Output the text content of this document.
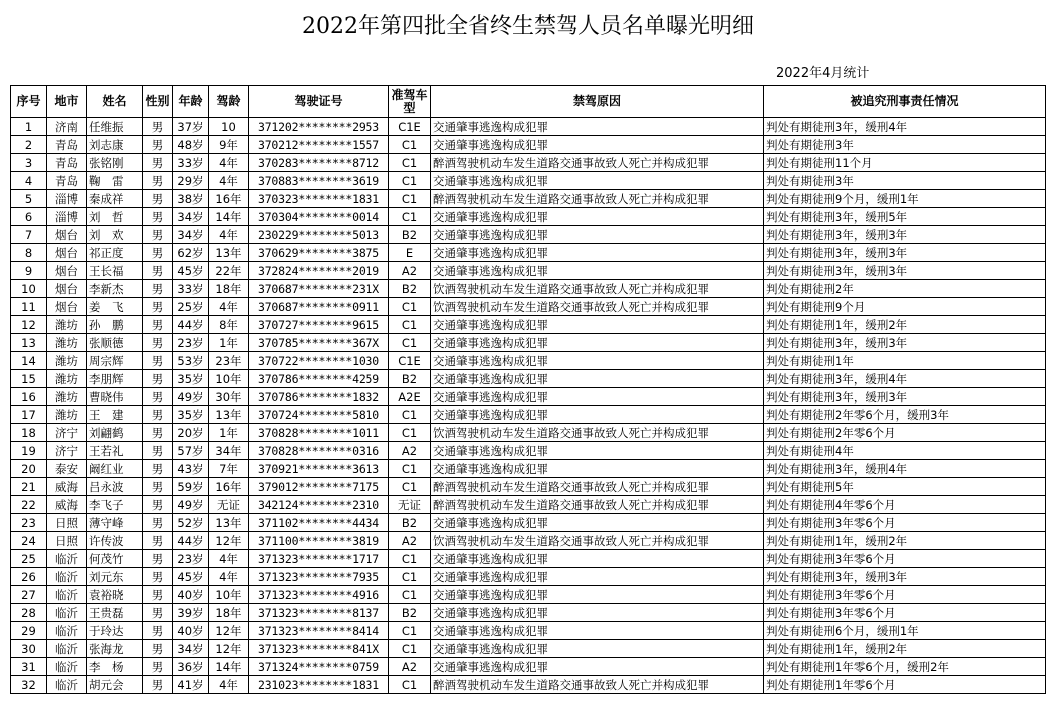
2022年第四批全省终生禁驾人员名单曝光明细
2022年4月统计
序号	地市	姓名	性别	年龄	驾龄	驾驶证号	准驾车型	禁驾原因	被追究刑事责任情况
1	济南	任维振	男	37岁	10	371202********2953	C1E	交通肇事逃逸构成犯罪	判处有期徒刑3年，缓刑4年
2	青岛	刘志康	男	48岁	9年	370212********1557	C1	交通肇事逃逸构成犯罪	判处有期徒刑3年
3	青岛	张铭刚	男	33岁	4年	370283********8712	C1	醉酒驾驶机动车发生道路交通事故致人死亡并构成犯罪	判处有期徒刑11个月
4	青岛	鞠　雷	男	29岁	4年	370883********3619	C1	交通肇事逃逸构成犯罪	判处有期徒刑3年
5	淄博	秦成祥	男	38岁	16年	370323********1831	C1	醉酒驾驶机动车发生道路交通事故致人死亡并构成犯罪	判处有期徒刑9个月，缓刑1年
6	淄博	刘　哲	男	34岁	14年	370304********0014	C1	交通肇事逃逸构成犯罪	判处有期徒刑3年，缓刑5年
7	烟台	刘　欢	男	34岁	4年	230229********5013	B2	交通肇事逃逸构成犯罪	判处有期徒刑3年，缓刑3年
8	烟台	祁正度	男	62岁	13年	370629********3875	E	交通肇事逃逸构成犯罪	判处有期徒刑3年，缓刑3年
9	烟台	王长福	男	45岁	22年	372824********2019	A2	交通肇事逃逸构成犯罪	判处有期徒刑3年，缓刑3年
10	烟台	李新杰	男	33岁	18年	370687********231X	B2	饮酒驾驶机动车发生道路交通事故致人死亡并构成犯罪	判处有期徒刑2年
11	烟台	姜　飞	男	25岁	4年	370687********0911	C1	饮酒驾驶机动车发生道路交通事故致人死亡并构成犯罪	判处有期徒刑9个月
12	潍坊	孙　鹏	男	44岁	8年	370727********9615	C1	交通肇事逃逸构成犯罪	判处有期徒刑1年，缓刑2年
13	潍坊	张顺德	男	23岁	1年	370785********367X	C1	交通肇事逃逸构成犯罪	判处有期徒刑3年，缓刑3年
14	潍坊	周宗辉	男	53岁	23年	370722********1030	C1E	交通肇事逃逸构成犯罪	判处有期徒刑1年
15	潍坊	李朋辉	男	35岁	10年	370786********4259	B2	交通肇事逃逸构成犯罪	判处有期徒刑3年，缓刑4年
16	潍坊	曹晓伟	男	49岁	30年	370786********1832	A2E	交通肇事逃逸构成犯罪	判处有期徒刑3年，缓刑3年
17	潍坊	王　建	男	35岁	13年	370724********5810	C1	交通肇事逃逸构成犯罪	判处有期徒刑2年零6个月，缓刑3年
18	济宁	刘翩鹤	男	20岁	1年	370828********1011	C1	饮酒驾驶机动车发生道路交通事故致人死亡并构成犯罪	判处有期徒刑2年零6个月
19	济宁	王若礼	男	57岁	34年	370828********0316	A2	交通肇事逃逸构成犯罪	判处有期徒刑4年
20	泰安	阚红业	男	43岁	7年	370921********3613	C1	交通肇事逃逸构成犯罪	判处有期徒刑3年，缓刑4年
21	威海	吕永波	男	59岁	16年	379012********7175	C1	醉酒驾驶机动车发生道路交通事故致人死亡并构成犯罪	判处有期徒刑5年
22	威海	李飞子	男	49岁	无证	342124********2310	无证	醉酒驾驶机动车发生道路交通事故致人死亡并构成犯罪	判处有期徒刑4年零6个月
23	日照	薄守峰	男	52岁	13年	371102********4434	B2	交通肇事逃逸构成犯罪	判处有期徒刑3年零6个月
24	日照	许传波	男	44岁	12年	371100********3819	A2	饮酒驾驶机动车发生道路交通事故致人死亡并构成犯罪	判处有期徒刑1年，缓刑2年
25	临沂	何茂竹	男	23岁	4年	371323********1717	C1	交通肇事逃逸构成犯罪	判处有期徒刑3年零6个月
26	临沂	刘元东	男	45岁	4年	371323********7935	C1	交通肇事逃逸构成犯罪	判处有期徒刑3年，缓刑3年
27	临沂	袁裕晓	男	40岁	10年	371323********4916	C1	交通肇事逃逸构成犯罪	判处有期徒刑3年零6个月
28	临沂	王贵磊	男	39岁	18年	371323********8137	B2	交通肇事逃逸构成犯罪	判处有期徒刑3年零6个月
29	临沂	于玲达	男	40岁	12年	371323********8414	C1	交通肇事逃逸构成犯罪	判处有期徒刑6个月，缓刑1年
30	临沂	张海龙	男	34岁	12年	371323********841X	C1	交通肇事逃逸构成犯罪	判处有期徒刑1年，缓刑2年
31	临沂	李　杨	男	36岁	14年	371324********0759	A2	交通肇事逃逸构成犯罪	判处有期徒刑1年零6个月，缓刑2年
32	临沂	胡元会	男	41岁	4年	231023********1831	C1	醉酒驾驶机动车发生道路交通事故致人死亡并构成犯罪	判处有期徒刑1年零6个月
